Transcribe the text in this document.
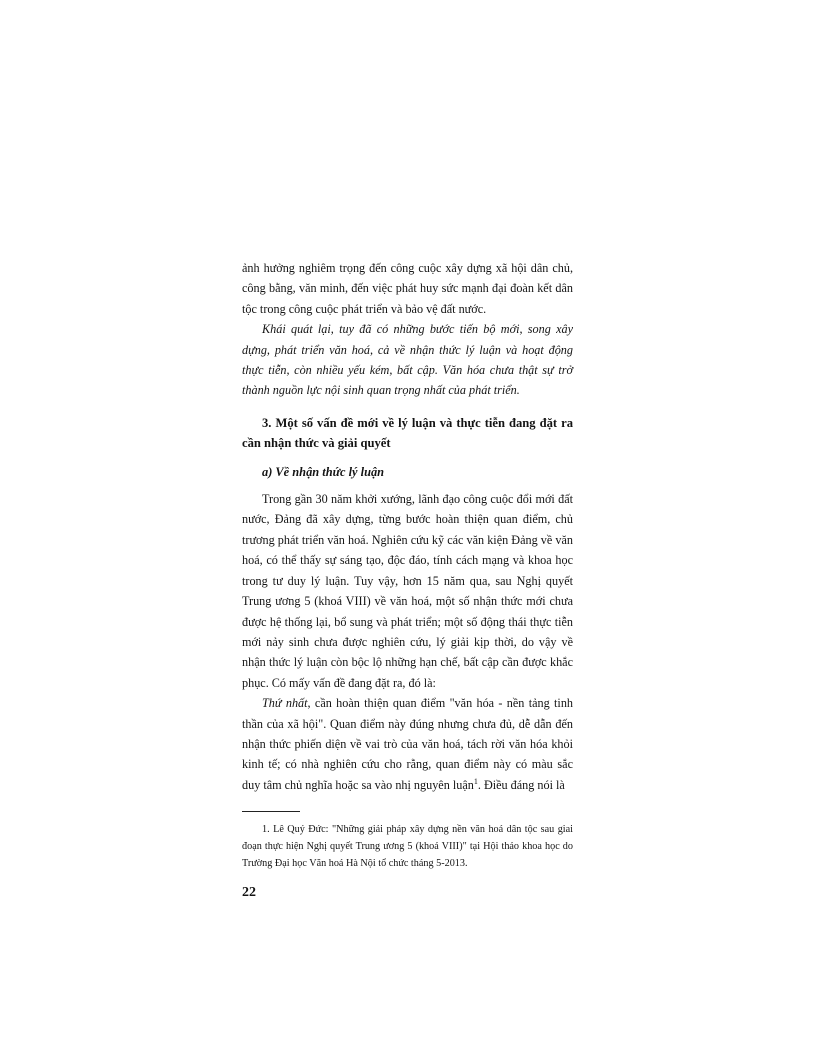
ảnh hưởng nghiêm trọng đến công cuộc xây dựng xã hội dân chủ, công bằng, văn minh, đến việc phát huy sức mạnh đại đoàn kết dân tộc trong công cuộc phát triển và bảo vệ đất nước.

Khái quát lại, tuy đã có những bước tiến bộ mới, song xây dựng, phát triển văn hoá, cả về nhận thức lý luận và hoạt động thực tiễn, còn nhiều yếu kém, bất cập. Văn hóa chưa thật sự trở thành nguồn lực nội sinh quan trọng nhất của phát triển.

3. Một số vấn đề mới về lý luận và thực tiễn đang đặt ra cần nhận thức và giải quyết

a) Về nhận thức lý luận

Trong gần 30 năm khởi xướng, lãnh đạo công cuộc đổi mới đất nước, Đảng đã xây dựng, từng bước hoàn thiện quan điểm, chủ trương phát triển văn hoá. Nghiên cứu kỹ các văn kiện Đảng về văn hoá, có thể thấy sự sáng tạo, độc đáo, tính cách mạng và khoa học trong tư duy lý luận. Tuy vậy, hơn 15 năm qua, sau Nghị quyết Trung ương 5 (khoá VIII) về văn hoá, một số nhận thức mới chưa được hệ thống lại, bổ sung và phát triển; một số động thái thực tiễn mới nảy sinh chưa được nghiên cứu, lý giải kịp thời, do vậy về nhận thức lý luận còn bộc lộ những hạn chế, bất cập cần được khắc phục. Có mấy vấn đề đang đặt ra, đó là:

Thứ nhất, cần hoàn thiện quan điểm "văn hóa - nền tảng tinh thần của xã hội". Quan điểm này đúng nhưng chưa đủ, dễ dẫn đến nhận thức phiến diện về vai trò của văn hoá, tách rời văn hóa khỏi kinh tế; có nhà nghiên cứu cho rằng, quan điểm này có màu sắc duy tâm chủ nghĩa hoặc sa vào nhị nguyên luận$^1$. Điều đáng nói là

1. Lê Quý Đức: "Những giải pháp xây dựng nền văn hoá dân tộc sau giai đoạn thực hiện Nghị quyết Trung ương 5 (khoá VIII)" tại Hội thảo khoa học do Trường Đại học Văn hoá Hà Nội tổ chức tháng 5-2013.

22
